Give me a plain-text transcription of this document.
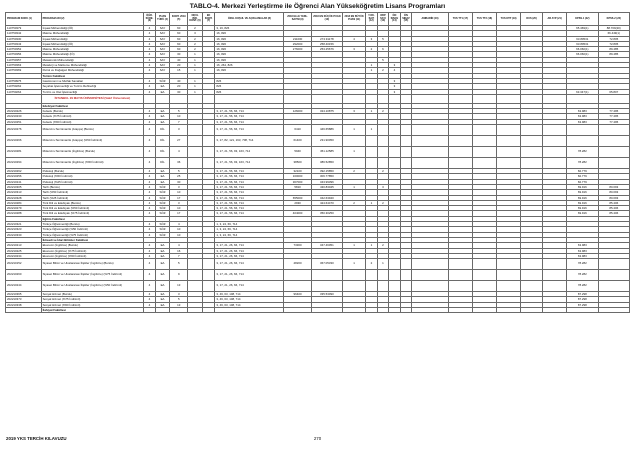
TABLO-4. Merkezi Yerleştirme ile Öğrenci Alan Yükseköğretim Lisans Programları
PROGRAM KODU (1)	PROGRAM ADI (2)	ÖĞR. SÜRE. (3)	PUAN TÜRÜ (4)	KONT. 2019 (5)	OKUL BİR. KONT. (6)	EK KONT. (7)	ÖZEL KOŞUL VE AÇIKLAMALAR (8)	2018 ELLE YERL. SAYISI (9)	2018 EN KÜÇÜK PUAN (10)	2018 EN BÜYÜK PUAN (11)	Y.OK. SAYI (12)	OBP SAYI (13)	ÖN SINAV (14)	ÖN SINAV (15)	AMBARİN (16)	TUS TT1 (17)	TUS TT2 (18)	TUS KTP (19)	DUS (20)	AB AYP (21)	KPSS-1 (22)	KPSS-2 (23)
110750379	İnşaat Mühendisliği (İÖ)	4	SAY	60	2		3, 16, 826														65.469(1)	88.709(20)
110750342	Makine Mühendisliği	4	SAY	60	3		16, 826															66.449(1)
110750330	İnşaat Mühendisliği	4	SAY	60	2		16, 826	211000	274.91178	4	3	5									63.80531	72.805
110750343	İnşaat Mühendisliği (İÖ)	4	SAY	60	2		16, 826	292000	258.40156												63.80531	72.805
110750352	Makine Mühendisliği	4	SAY	60	2		16, 826	276000	253.25676	3	2	6									66.060(1)	89.485
110750356	Makine Mühendisliği (İÖ)	4	SAY	30	1		16, 826														66.060(1)	89.485
110750357	Mekatronik Mühendisliği	4	SAY	40	1		16, 826					5										
110750363	Metalurji ve Malzeme Mühendisliği	4	SAY	20	1		16, 264, 826				1		3									
110750369	Petrol ve Doğalgaz Mühendisliği	4	SAY	15	1		16, 826				1	2	4									
	Turizm Fakültesi																					
110750975	Gastronomi ve Mutfak Sanatları	4	SÖZ	40	1		826						3									
110750262	Seyahat İşletmeciliği ve Turizm Rehberliği	4	EA	20	1		826						3									
110750264	Turizm ve Otel İşletmeciliği	4	EA	30	1		826						3								63.347(1)	65.807
	İSTANBUL 29 MAYIS ÜNİVERSİTESİ (Vakıf Üniversitesi)																					
	Edebiyat Fakültesi																					
202210226	Felsefe (Burslu)	4	EA	5			3, 17, 21, 56, 66, 714	126000	324.10875	3	1	2									63.983	77.495
202210230	Felsefe (%75 İndirimli)	4	EA	10			3, 17, 21, 56, 66, 714														63.983	77.495
202210251	Felsefe (%50 İndirimli)	4	EA	7			3, 17, 21, 56, 66, 714														63.983	77.495
202210276	Mütercim-Tercümanlık (Arapça) (Burslu)	4	DİL	3			3, 17, 21, 56, 66, 714	6410	446.65886	1	1											
202210266	Mütercim-Tercümanlık (Arapça) (%50 İndirimli)	4	DİL	27			3, 17, 82, 121, 163, 708, 714	61400	231.90050													
202210281	Mütercim-Tercümanlık (İngilizce) (Burslu)	4	DİL	4			3, 17, 21, 56, 93, 163, 714	5940	451.12585	1											78.282	
202210294	Mütercim-Tercümanlık (İngilizce) (%50 İndirimli)	4	DİL	36			3, 17, 21, 56, 93, 163, 714	38500	386.52850												78.282	
202210262	Psikoloji (Burslu)	4	EA	5			3, 17, 21, 56, 66, 714	32100	392.15850	2		2									82.779	
202210256	Psikoloji (%50 İndirimli)	4	EA	25			3, 17, 21, 56, 66, 714	160000	306.77850												82.779	
202210241	Psikoloji (%25 İndirimli)	4	EA	30			3, 17, 21, 56, 66, 714	307000	343.99396												82.779	
202210305	Tarih (Burslu)	4	SÖZ	3			3, 17, 21, 56, 66, 714	5810	430.83045	1		3									69.916	80.093
202210313	Tarih (%50 İndirimli)	4	SÖZ	10			3, 17, 21, 56, 66, 714														69.916	80.093
202210328	Tarih (%25 İndirimli)	4	SÖZ	17			3, 17, 21, 56, 66, 714	655000	342.63940												69.916	80.093
202210284	Türk Dili ve Edebiyatı (Burslu)	4	SÖZ	3			3, 17, 21, 56, 66, 714	2930	424.64470	2	1	2									69.916	85.406
202210279	Türk Dili ve Edebiyatı (%50 İndirimli)	4	SÖZ	10			3, 17, 21, 56, 66, 714														69.916	85.406
202210288	Türk Dili ve Edebiyatı (%75 İndirimli)	4	SÖZ	17			3, 17, 21, 56, 66, 714	404000	350.30250												69.916	85.406
	Eğitim Fakültesi																					
202210321	Türkçe Öğretmenliği (Burslu)	4	SÖZ	4			1, 3, 24, 66, 714															
202210323	Türkçe Öğretmenliği (%50 İndirimli)	4	SÖZ	10			1, 3, 24, 66, 714															
202210330	Türkçe Öğretmenliği (%75 İndirimli)	4	SÖZ	10			1, 3, 24, 66, 714															
	İktisadi ve İdari Bilimler Fakültesi																					
202210213	Ekonomi (İngilizce) (Burslu)	4	EA	4			3, 17, 21, 26, 66, 714	73300	347.46051	1	1	2									63.983	
202210225	Ekonomi (İngilizce) (%75 İndirimli)	4	EA	16			3, 17, 21, 26, 66, 714														63.983	
202210234	Ekonomi (İngilizce) (%50 İndirimli)	4	EA	7			3, 17, 21, 26, 66, 714														63.983	
202210152	Siyaset Bilimi ve Uluslararası İlişkiler (İngilizce) (Burslu)	4	EA	5			3, 17, 21, 26, 66, 714	48200	367.05330	1	2	1									78.282	
202210260	Siyaset Bilimi ve Uluslararası İlişkiler (İngilizce) (%75 İndirimli)	4	EA	9			3, 17, 21, 26, 66, 714														78.282	
202210244	Siyaset Bilimi ve Uluslararası İlişkiler (İngilizce) (%50 İndirimli)	4	EA	13			3, 17, 21, 26, 66, 714														78.282	
202210365	Sosyal Hizmet (Burslu)	4	EA	3			3, 46, 63, 108, 714	96400	335.53090												87.298	
202210373	Sosyal Hizmet (%75 İndirimli)	4	EA	5			3, 46, 63, 108, 714														87.298	
202210338	Sosyal Hizmet (%50 İndirimli)	4	EA	13			3, 46, 63, 108, 714														87.298	
	İlahiyat Fakültesi																					
2019 YKS TERCİH KILAVUZU	270
